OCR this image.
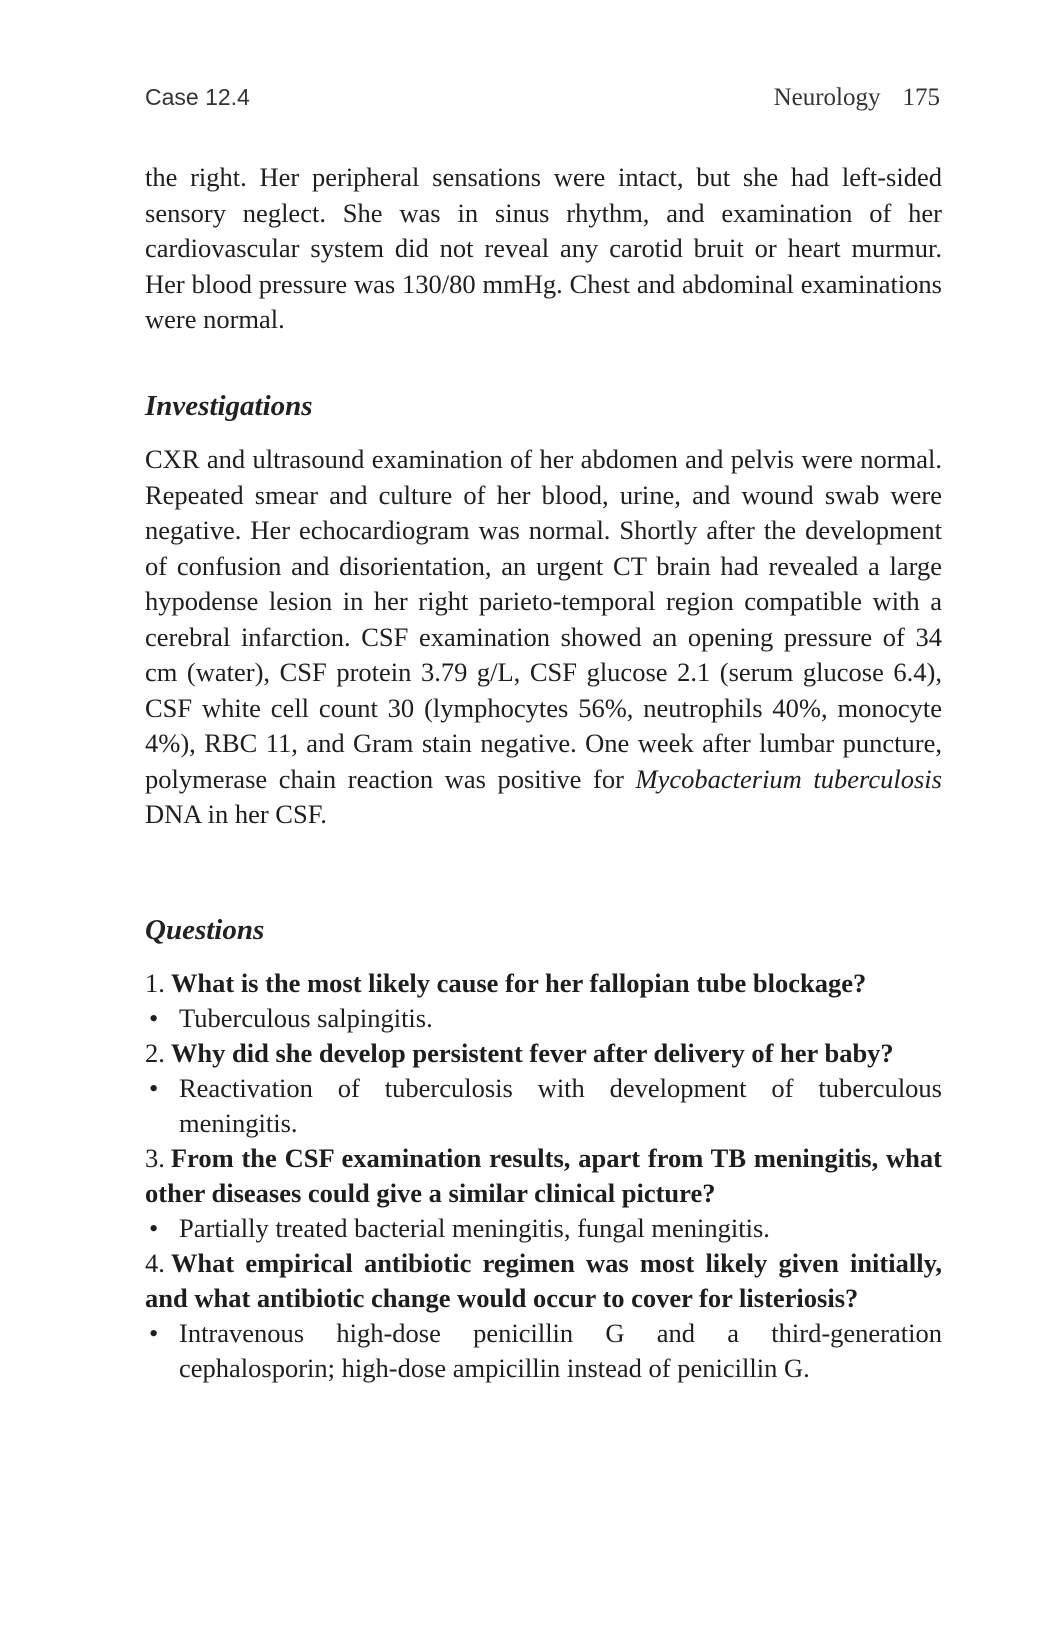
Case 12.4	Neurology 175

the right. Her peripheral sensations were intact, but she had left-sided sensory neglect. She was in sinus rhythm, and examination of her cardiovascular system did not reveal any carotid bruit or heart murmur. Her blood pressure was 130/80 mmHg. Chest and abdominal examinations were normal.

Investigations

CXR and ultrasound examination of her abdomen and pelvis were normal. Repeated smear and culture of her blood, urine, and wound swab were negative. Her echocardiogram was normal. Shortly after the development of confusion and disorientation, an urgent CT brain had revealed a large hypodense lesion in her right parieto-temporal region compatible with a cerebral infarction. CSF examination showed an opening pressure of 34 cm (water), CSF protein 3.79 g/L, CSF glucose 2.1 (serum glucose 6.4), CSF white cell count 30 (lymphocytes 56%, neutrophils 40%, monocyte 4%), RBC 11, and Gram stain negative. One week after lumbar puncture, polymerase chain reaction was positive for Mycobacterium tuberculosis DNA in her CSF.

Questions

1. What is the most likely cause for her fallopian tube blockage?

• Tuberculous salpingitis.

2. Why did she develop persistent fever after delivery of her baby?

• Reactivation of tuberculosis with development of tuberculous meningitis.

3. From the CSF examination results, apart from TB meningitis, what other diseases could give a similar clinical picture?

• Partially treated bacterial meningitis, fungal meningitis.

4. What empirical antibiotic regimen was most likely given initially, and what antibiotic change would occur to cover for listeriosis?

• Intravenous high-dose penicillin G and a third-generation cephalosporin; high-dose ampicillin instead of penicillin G.
